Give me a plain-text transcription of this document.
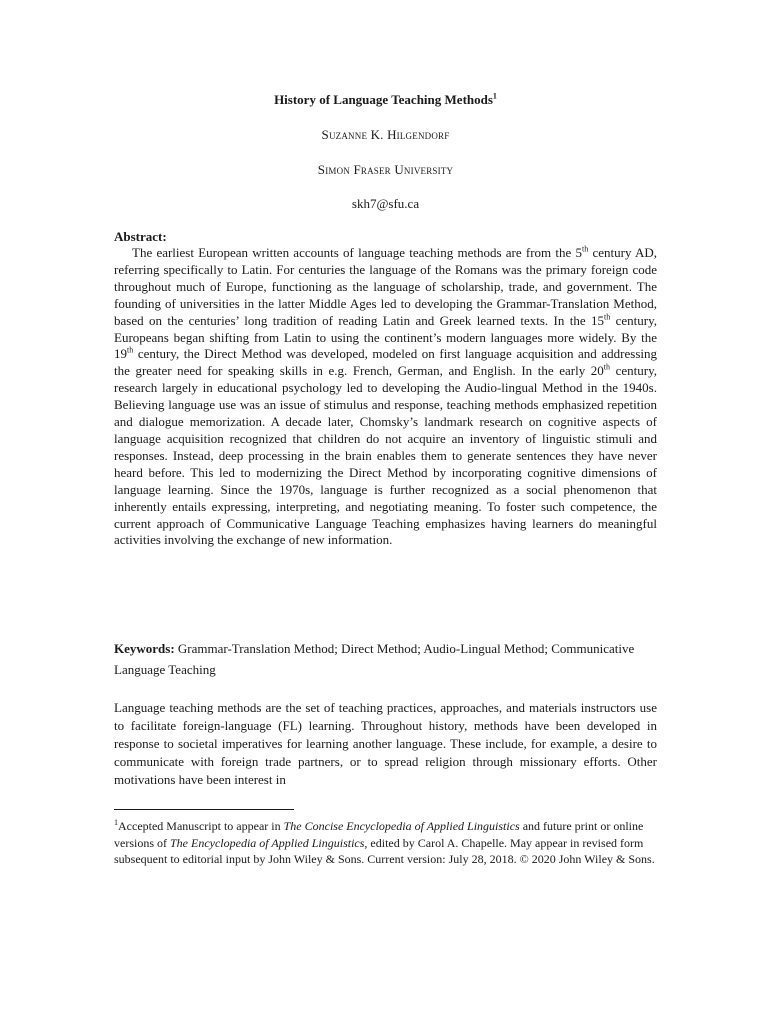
History of Language Teaching Methods$^1$
Suzanne K. Hilgendorf
Simon Fraser University
skh7@sfu.ca
Abstract:

The earliest European written accounts of language teaching methods are from the 5th century AD, referring specifically to Latin. For centuries the language of the Romans was the primary foreign code throughout much of Europe, functioning as the language of scholarship, trade, and government. The founding of universities in the latter Middle Ages led to developing the Grammar-Translation Method, based on the centuries’ long tradition of reading Latin and Greek learned texts. In the 15th century, Europeans began shifting from Latin to using the continent’s modern languages more widely. By the 19th century, the Direct Method was developed, modeled on first language acquisition and addressing the greater need for speaking skills in e.g. French, German, and English. In the early 20th century, research largely in educational psychology led to developing the Audio-lingual Method in the 1940s. Believing language use was an issue of stimulus and response, teaching methods emphasized repetition and dialogue memorization. A decade later, Chomsky’s landmark research on cognitive aspects of language acquisition recognized that children do not acquire an inventory of linguistic stimuli and responses. Instead, deep processing in the brain enables them to generate sentences they have never heard before. This led to modernizing the Direct Method by incorporating cognitive dimensions of language learning. Since the 1970s, language is further recognized as a social phenomenon that inherently entails expressing, interpreting, and negotiating meaning. To foster such competence, the current approach of Communicative Language Teaching emphasizes having learners do meaningful activities involving the exchange of new information.

Keywords: Grammar-Translation Method; Direct Method; Audio-Lingual Method; Communicative Language Teaching

Language teaching methods are the set of teaching practices, approaches, and materials instructors use to facilitate foreign-language (FL) learning. Throughout history, methods have been developed in response to societal imperatives for learning another language. These include, for example, a desire to communicate with foreign trade partners, or to spread religion through missionary efforts. Other motivations have been interest in

$^1$Accepted Manuscript to appear in The Concise Encyclopedia of Applied Linguistics and future print or online versions of The Encyclopedia of Applied Linguistics, edited by Carol A. Chapelle. May appear in revised form subsequent to editorial input by John Wiley & Sons. Current version: July 28, 2018. © 2020 John Wiley & Sons.
